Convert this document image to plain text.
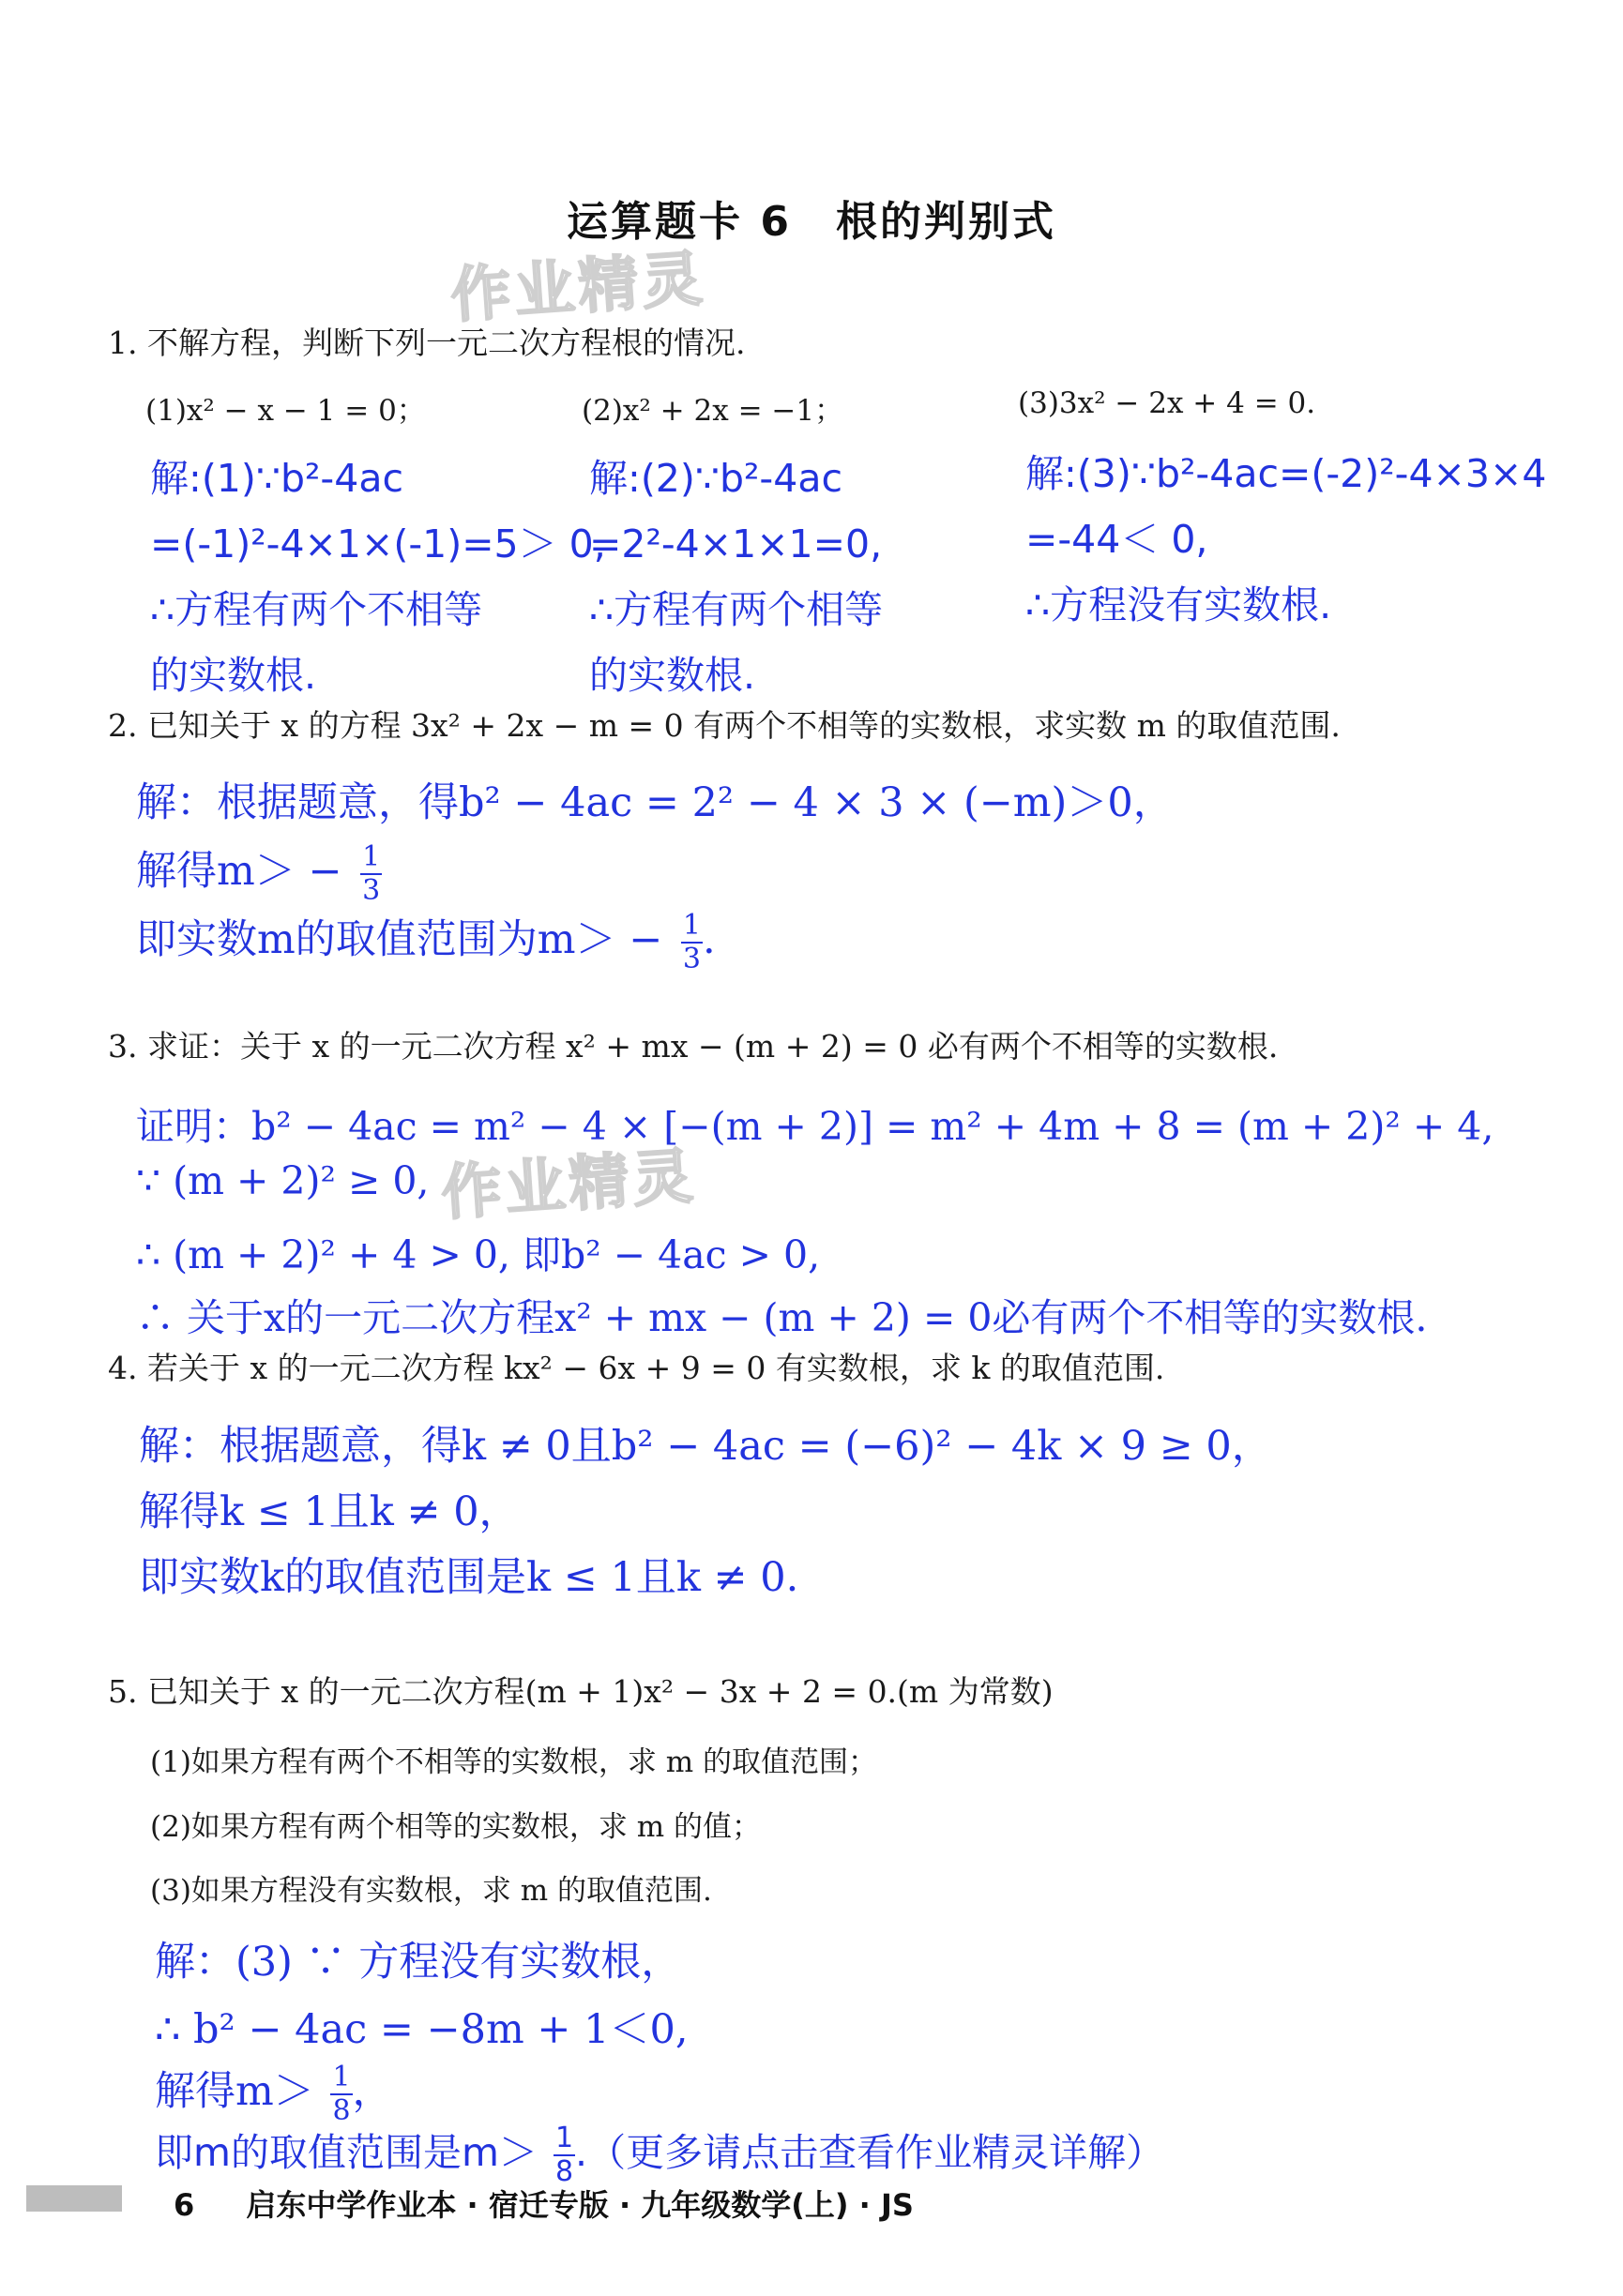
运算题卡 6　根的判别式
作业精灵
作业精灵
1. 不解方程，判断下列一元二次方程根的情况.
(1)x² − x − 1 = 0；	(2)x² + 2x = −1；	(3)3x² − 2x + 4 = 0.
解:(1)∵b²-4ac
=(-1)²-4×1×(-1)=5＞ 0,
∴方程有两个不相等
的实数根.
解:(2)∵b²-4ac
=2²-4×1×1=0,
∴方程有两个相等
的实数根.
解:(3)∵b²-4ac=(-2)²-4×3×4
=-44＜ 0,
∴方程没有实数根.
2. 已知关于 x 的方程 3x² + 2x − m = 0 有两个不相等的实数根，求实数 m 的取值范围.
解：根据题意，得b² − 4ac = 2² − 4 × 3 × (−m)＞0，
解得$m> - \frac{1}{3}$
即实数m的取值范围为$m> - \frac{1}{3}$ .
3. 求证：关于 x 的一元二次方程 x² + mx − (m + 2) = 0 必有两个不相等的实数根.
证明：b² − 4ac = m² − 4 × [−(m + 2)] = m² + 4m + 8 = (m + 2)² + 4,
∵ (m + 2)² ≥ 0,
∴ (m + 2)² + 4 > 0, 即b² − 4ac > 0,
∴ 关于x的一元二次方程x² + mx − (m + 2) = 0必有两个不相等的实数根.
4. 若关于 x 的一元二次方程 kx² − 6x + 9 = 0 有实数根，求 k 的取值范围.
解：根据题意，得k ≠ 0且b² − 4ac = (−6)² − 4k × 9 ≥ 0，
解得k ≤ 1且k ≠ 0，
即实数k的取值范围是k ≤ 1且k ≠ 0.
5. 已知关于 x 的一元二次方程(m + 1)x² − 3x + 2 = 0.(m 为常数)
(1)如果方程有两个不相等的实数根，求 m 的取值范围；
(2)如果方程有两个相等的实数根，求 m 的值；
(3)如果方程没有实数根，求 m 的取值范围.
解：(3) ∵ 方程没有实数根，
∴ b² − 4ac = −8m + 1＜0,
解得$m> \frac{1}{8}$ ，
即m的取值范围是$m> \frac{1}{8}$ .（更多请点击查看作业精灵详解）
6 启东中学作业本 · 宿迁专版 · 九年级数学(上) · JS
